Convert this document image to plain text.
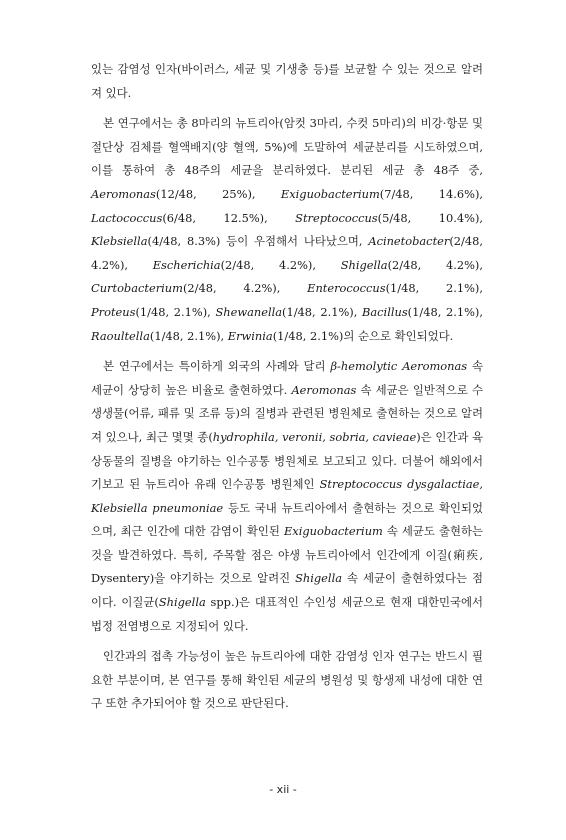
있는 감염성 인자(바이러스, 세균 및 기생충 등)를 보균할 수 있는 것으로 알려져 있다.

본 연구에서는 총 8마리의 뉴트리아(암컷 3마리, 수컷 5마리)의 비강·항문 및 절단상 검체를 혈액배지(양 혈액, 5%)에 도말하여 세균분리를 시도하였으며, 이를 통하여 총 48주의 세균을 분리하였다. 분리된 세균 총 48주 중, Aeromonas(12/48, 25%), Exiguobacterium(7/48, 14.6%), Lactococcus(6/48, 12.5%), Streptococcus(5/48, 10.4%), Klebsiella(4/48, 8.3%) 등이 우점해서 나타났으며, Acinetobacter(2/48, 4.2%), Escherichia(2/48, 4.2%), Shigella(2/48, 4.2%), Curtobacterium(2/48, 4.2%), Enterococcus(1/48, 2.1%), Proteus(1/48, 2.1%), Shewanella(1/48, 2.1%), Bacillus(1/48, 2.1%), Raoultella(1/48, 2.1%), Erwinia(1/48, 2.1%)의 순으로 확인되었다.

본 연구에서는 특이하게 외국의 사례와 달리 β-hemolytic Aeromonas 속 세균이 상당히 높은 비율로 출현하였다. Aeromonas 속 세균은 일반적으로 수생생물(어류, 패류 및 조류 등)의 질병과 관련된 병원체로 출현하는 것으로 알려져 있으나, 최근 몇몇 종(hydrophila, veronii, sobria, cavieae)은 인간과 육상동물의 질병을 야기하는 인수공통 병원체로 보고되고 있다. 더불어 해외에서 기보고 된 뉴트리아 유래 인수공통 병원체인 Streptococcus dysgalactiae, Klebsiella pneumoniae 등도 국내 뉴트리아에서 출현하는 것으로 확인되었으며, 최근 인간에 대한 감염이 확인된 Exiguobacterium 속 세균도 출현하는 것을 발견하였다. 특히, 주목할 점은 야생 뉴트리아에서 인간에게 이질(痢疾, Dysentery)을 야기하는 것으로 알려진 Shigella 속 세균이 출현하였다는 점이다. 이질균(Shigella spp.)은 대표적인 수인성 세균으로 현재 대한민국에서 법정 전염병으로 지정되어 있다.

인간과의 접촉 가능성이 높은 뉴트리아에 대한 감염성 인자 연구는 반드시 필요한 부분이며, 본 연구를 통해 확인된 세균의 병원성 및 항생제 내성에 대한 연구 또한 추가되어야 할 것으로 판단된다.

- xii -
